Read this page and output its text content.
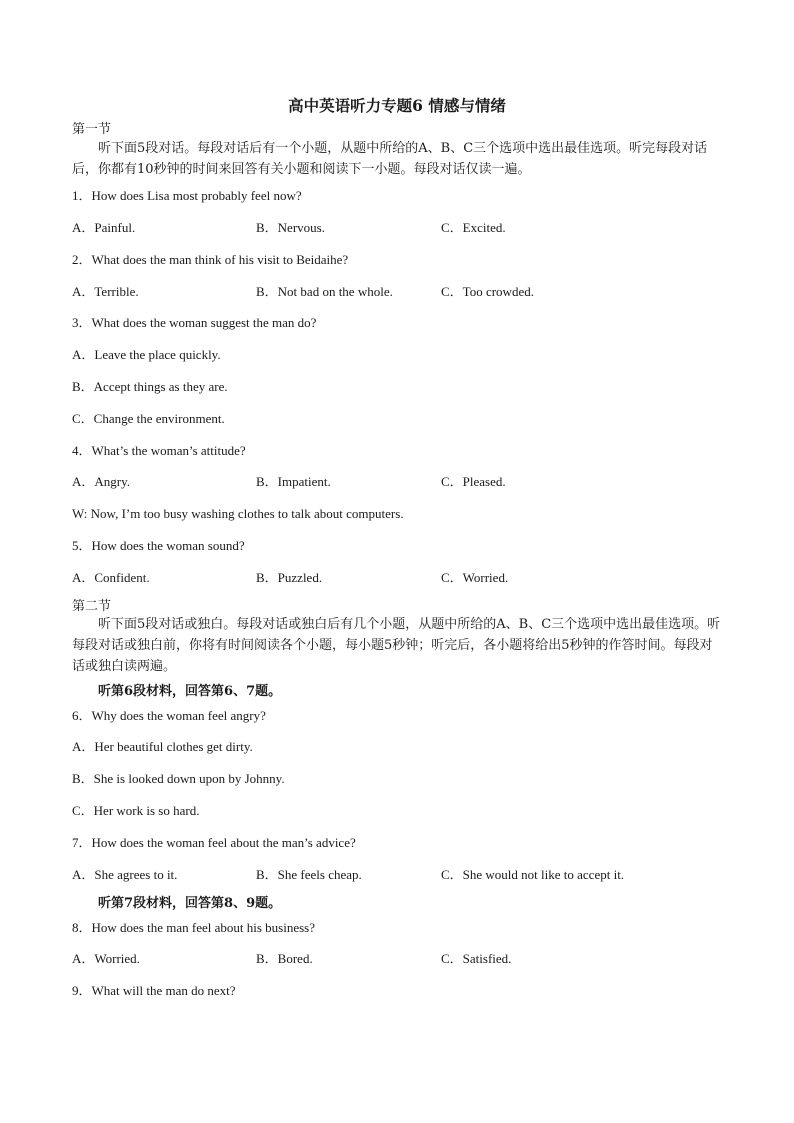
高中英语听力专题6 情感与情绪
第一节
听下面5段对话。每段对话后有一个小题，从题中所给的A、B、C三个选项中选出最佳选项。听完每段对话后，你都有10秒钟的时间来回答有关小题和阅读下一小题。每段对话仅读一遍。
1．How does Lisa most probably feel now?
A．Painful.	B．Nervous.	C．Excited.
2．What does the man think of his visit to Beidaihe?
A．Terrible.	B．Not bad on the whole.	C．Too crowded.
3．What does the woman suggest the man do?
A．Leave the place quickly.
B．Accept things as they are.
C．Change the environment.
4．What’s the woman’s attitude?
A．Angry.	B．Impatient.	C．Pleased.
W: Now, I’m too busy washing clothes to talk about computers.
5．How does the woman sound?
A．Confident.	B．Puzzled.	C．Worried.
第二节
听下面5段对话或独白。每段对话或独白后有几个小题，从题中所给的A、B、C三个选项中选出最佳选项。听每段对话或独白前，你将有时间阅读各个小题，每小题5秒钟；听完后，各小题将给出5秒钟的作答时间。每段对话或独白读两遍。
听第6段材料，回答第6、7题。
6．Why does the woman feel angry?
A．Her beautiful clothes get dirty.
B．She is looked down upon by Johnny.
C．Her work is so hard.
7．How does the woman feel about the man’s advice?
A．She agrees to it.	B．She feels cheap.	C．She would not like to accept it.
听第7段材料，回答第8、9题。
8．How does the man feel about his business?
A．Worried.	B．Bored.	C．Satisfied.
9．What will the man do next?
